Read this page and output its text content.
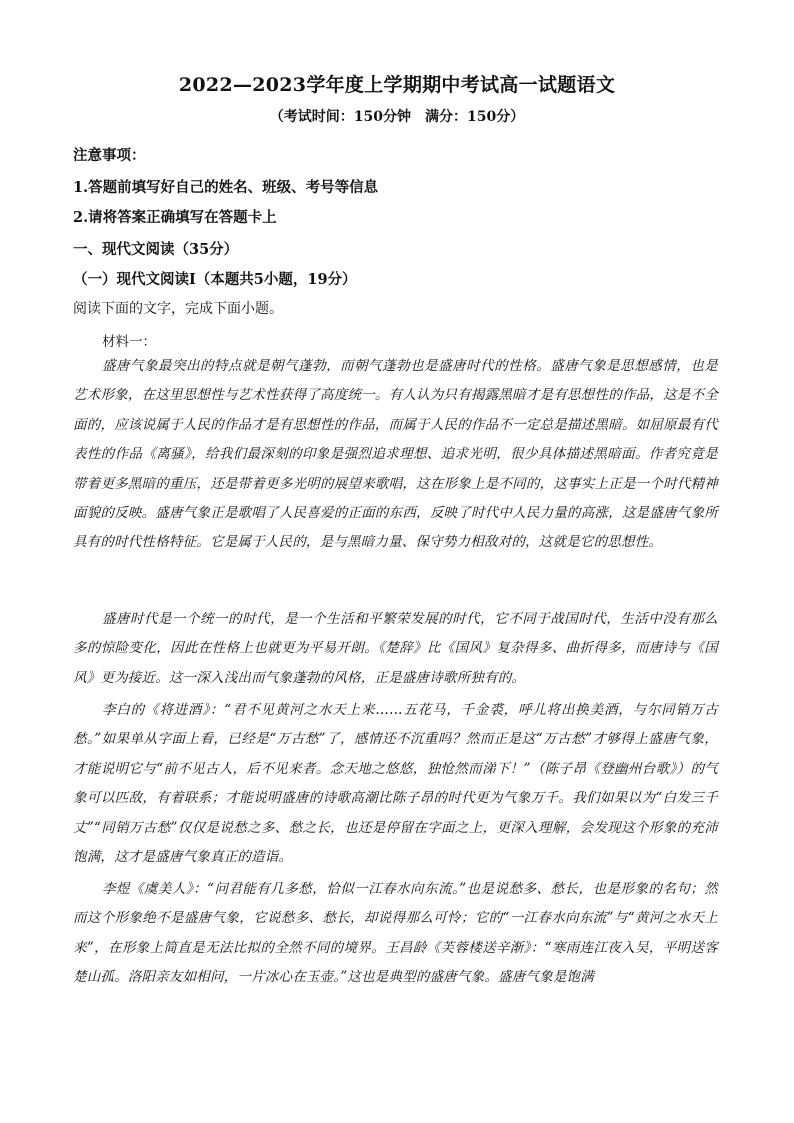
2022—2023学年度上学期期中考试高一试题语文
（考试时间：150分钟　满分：150分）
注意事项：
1.答题前填写好自己的姓名、班级、考号等信息
2.请将答案正确填写在答题卡上
一、现代文阅读（35分）
（一）现代文阅读Ⅰ（本题共5小题，19分）
阅读下面的文字，完成下面小题。
材料一：

盛唐气象最突出的特点就是朝气蓬勃，而朝气蓬勃也是盛唐时代的性格。盛唐气象是思想感情，也是艺术形象，在这里思想性与艺术性获得了高度统一。有人认为只有揭露黑暗才是有思想性的作品，这是不全面的，应该说属于人民的作品才是有思想性的作品，而属于人民的作品不一定总是描述黑暗。如屈原最有代表性的作品《离骚》，给我们最深刻的印象是强烈追求理想、追求光明，很少具体描述黑暗面。作者究竟是带着更多黑暗的重压，还是带着更多光明的展望来歌唱，这在形象上是不同的，这事实上正是一个时代精神面貌的反映。盛唐气象正是歌唱了人民喜爱的正面的东西，反映了时代中人民力量的高涨，这是盛唐气象所具有的时代性格特征。它是属于人民的，是与黑暗力量、保守势力相敌对的，这就是它的思想性。

盛唐时代是一个统一的时代，是一个生活和平繁荣发展的时代，它不同于战国时代，生活中没有那么多的惊险变化，因此在性格上也就更为平易开朗。《楚辞》比《国风》复杂得多、曲折得多，而唐诗与《国风》更为接近。这一深入浅出而气象蓬勃的风格，正是盛唐诗歌所独有的。

李白的《将进酒》：“君不见黄河之水天上来……五花马，千金裘，呼儿将出换美酒，与尔同销万古愁。”如果单从字面上看，已经是“万古愁”了，感情还不沉重吗？然而正是这“万古愁”才够得上盛唐气象，才能说明它与“前不见古人，后不见来者。念天地之悠悠，独怆然而涕下！”（陈子昂《登幽州台歌》）的气象可以匹敌，有着联系；才能说明盛唐的诗歌高潮比陈子昂的时代更为气象万千。我们如果以为“白发三千丈”“同销万古愁”仅仅是说愁之多、愁之长，也还是停留在字面之上，更深入理解，会发现这个形象的充沛饱满，这才是盛唐气象真正的造诣。

李煜《虞美人》：“问君能有几多愁，恰似一江春水向东流。”也是说愁多、愁长，也是形象的名句；然而这个形象绝不是盛唐气象，它说愁多、愁长，却说得那么可怜；它的“一江春水向东流”与“黄河之水天上来”，在形象上简直是无法比拟的全然不同的境界。王昌龄《芙蓉楼送辛渐》：“寒雨连江夜入吴，平明送客楚山孤。洛阳亲友如相问，一片冰心在玉壶。”这也是典型的盛唐气象。盛唐气象是饱满
